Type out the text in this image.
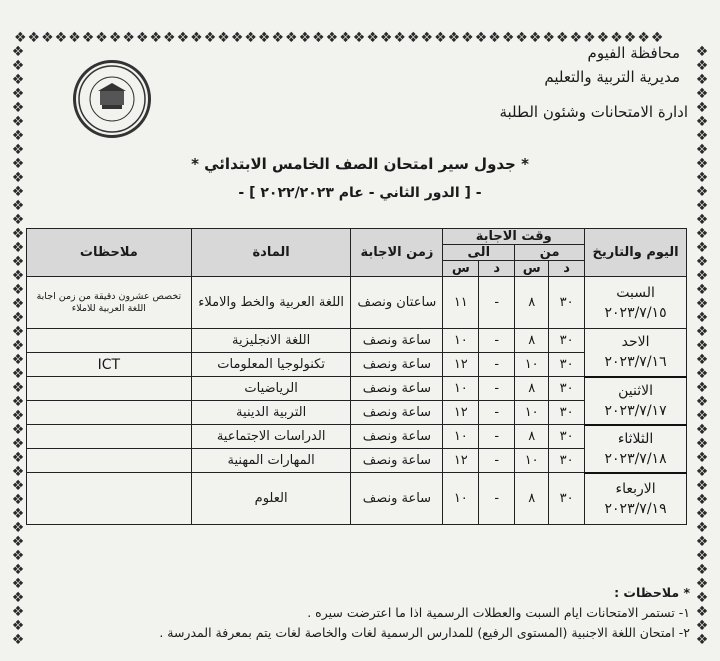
❖❖❖❖❖❖❖❖❖❖❖❖❖❖❖❖❖❖❖❖❖❖❖❖❖❖❖❖❖❖❖❖❖❖❖❖❖❖❖❖❖❖❖❖❖❖❖❖
❖❖❖❖❖❖❖❖❖❖❖❖❖❖❖❖❖❖❖❖❖❖❖❖❖❖❖❖❖❖❖❖❖❖❖❖❖❖❖❖❖❖❖
❖❖❖❖❖❖❖❖❖❖❖❖❖❖❖❖❖❖❖❖❖❖❖❖❖❖❖❖❖❖❖❖❖❖❖❖❖❖❖❖❖❖❖
محافظة الفيوم
مديرية التربية والتعليم
ادارة الامتحانات وشئون الطلبة
* جدول سير امتحان الصف الخامس الابتدائي *
- [ الدور الثاني - عام ٢٠٢٢/٢٠٢٣ ] -
اليوم والتاريخ	وقت الاجابة				زمن الاجابة	المادة	ملاحظات
	من		الى				
	د	س	د	س			

السبت
٢٠٢٣/٧/١٥	٣٠	٨	-	١١	ساعتان ونصف	اللغة العربية والخط والاملاء	تخصص عشرون دقيقة من زمن اجابة اللغة العربية للاملاء

الاحد
٢٠٢٣/٧/١٦	٣٠	٨	-	١٠	ساعة ونصف	اللغة الانجليزية	
	٣٠	١٠	-	١٢	ساعة ونصف	تكنولوجيا المعلومات	ICT

الاثنين
٢٠٢٣/٧/١٧	٣٠	٨	-	١٠	ساعة ونصف	الرياضيات	
	٣٠	١٠	-	١٢	ساعة ونصف	التربية الدينية	

الثلاثاء
٢٠٢٣/٧/١٨	٣٠	٨	-	١٠	ساعة ونصف	الدراسات الاجتماعية	
	٣٠	١٠	-	١٢	ساعة ونصف	المهارات المهنية	

الاربعاء
٢٠٢٣/٧/١٩	٣٠	٨	-	١٠	ساعة ونصف	العلوم	
* ملاحظات :
١- تستمر الامتحانات ايام السبت والعطلات الرسمية اذا ما اعترضت سيره .
٢- امتحان اللغة الاجنبية (المستوى الرفيع) للمدارس الرسمية لغات والخاصة لغات يتم بمعرفة المدرسة .
